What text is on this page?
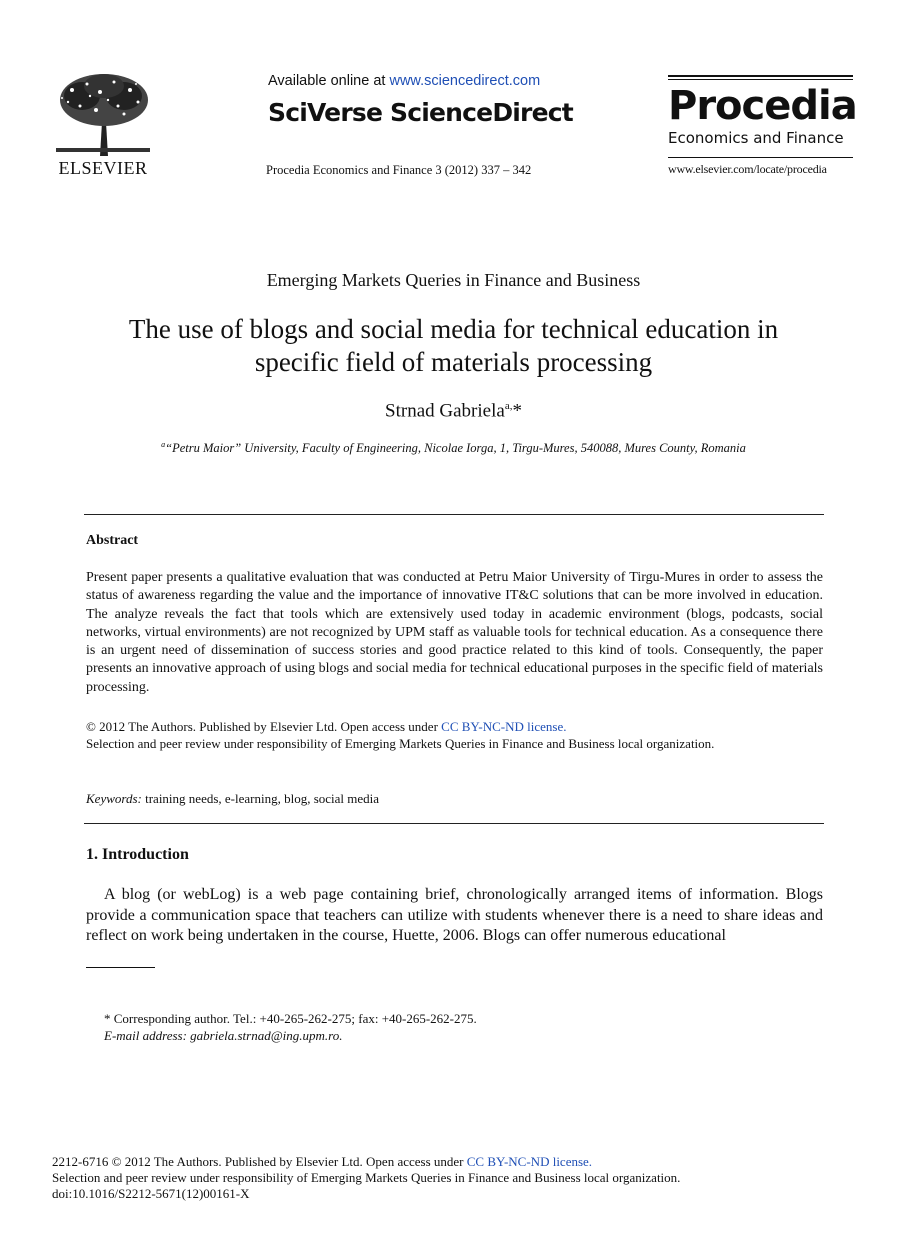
ELSEVIER
Available online at www.sciencedirect.com
SciVerse ScienceDirect
Procedia Economics and Finance 3 (2012) 337 – 342
Procedia
Economics and Finance
www.elsevier.com/locate/procedia
Emerging Markets Queries in Finance and Business
The use of blogs and social media for technical education in
specific field of materials processing
Strnad Gabriela$^{a,}$*
$^a$“Petru Maior” University, Faculty of Engineering, Nicolae Iorga, 1, Tirgu-Mures, 540088, Mures County, Romania
Abstract
Present paper presents a qualitative evaluation that was conducted at Petru Maior University of Tirgu-Mures in order to assess the status of awareness regarding the value and the importance of innovative IT&C solutions that can be more involved in education. The analyze reveals the fact that tools which are extensively used today in academic environment (blogs, podcasts, social networks, virtual environments) are not recognized by UPM staff as valuable tools for technical education. As a consequence there is an urgent need of dissemination of success stories and good practice related to this kind of tools. Consequently, the paper presents an innovative approach of using blogs and social media for technical educational purposes in the specific field of materials processing.
© 2012 The Authors. Published by Elsevier Ltd. Open access under CC BY-NC-ND license.
Selection and peer review under responsibility of Emerging Markets Queries in Finance and Business local organization.
Keywords: training needs, e-learning, blog, social media
1. Introduction
A blog (or webLog) is a web page containing brief, chronologically arranged items of information. Blogs provide a communication space that teachers can utilize with students whenever there is a need to share ideas and reflect on work being undertaken in the course, Huette, 2006. Blogs can offer numerous educational
* Corresponding author. Tel.: +40-265-262-275; fax: +40-265-262-275.
E-mail address: gabriela.strnad@ing.upm.ro.
2212-6716 © 2012 The Authors. Published by Elsevier Ltd. Open access under CC BY-NC-ND license.
Selection and peer review under responsibility of Emerging Markets Queries in Finance and Business local organization.
doi:10.1016/S2212-5671(12)00161-X
